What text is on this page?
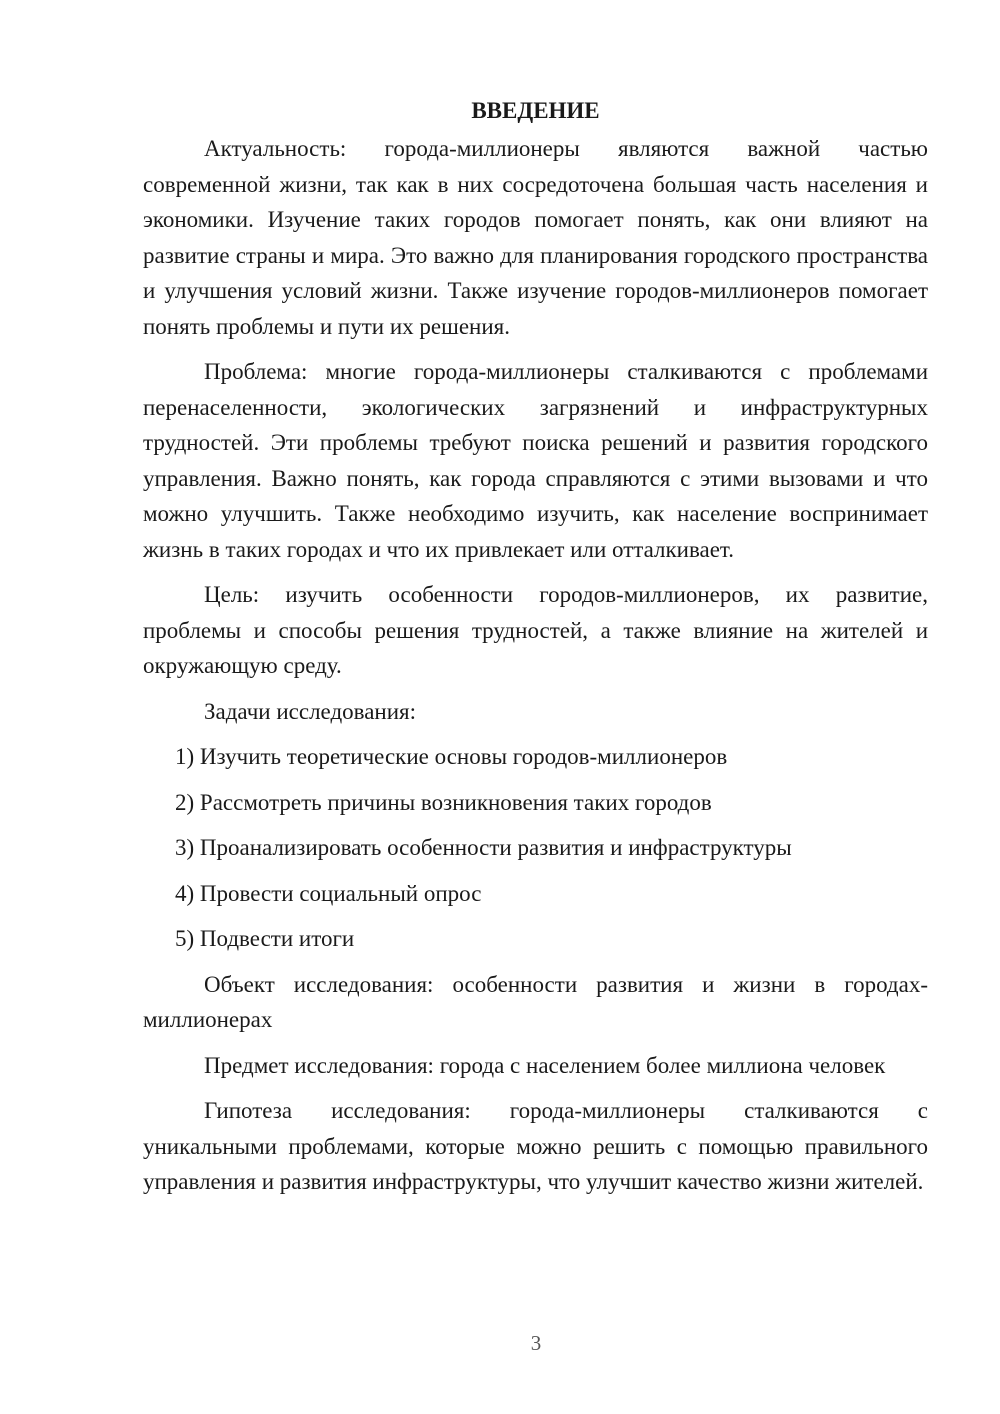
ВВЕДЕНИЕ

Актуальность: города-миллионеры являются важной частью современной жизни, так как в них сосредоточена большая часть населения и экономики. Изучение таких городов помогает понять, как они влияют на развитие страны и мира. Это важно для планирования городского пространства и улучшения условий жизни. Также изучение городов-миллионеров помогает понять проблемы и пути их решения.

Проблема: многие города-миллионеры сталкиваются с проблемами перенаселенности, экологических загрязнений и инфраструктурных трудностей. Эти проблемы требуют поиска решений и развития городского управления. Важно понять, как города справляются с этими вызовами и что можно улучшить. Также необходимо изучить, как население воспринимает жизнь в таких городах и что их привлекает или отталкивает.

Цель: изучить особенности городов-миллионеров, их развитие, проблемы и способы решения трудностей, а также влияние на жителей и окружающую среду.

Задачи исследования:

1) Изучить теоретические основы городов-миллионеров
2) Рассмотреть причины возникновения таких городов
3) Проанализировать особенности развития и инфраструктуры
4) Провести социальный опрос
5) Подвести итоги

Объект исследования: особенности развития и жизни в городах-миллионерах

Предмет исследования: города с населением более миллиона человек

Гипотеза исследования: города-миллионеры сталкиваются с уникальными проблемами, которые можно решить с помощью правильного управления и развития инфраструктуры, что улучшит качество жизни жителей.

3
